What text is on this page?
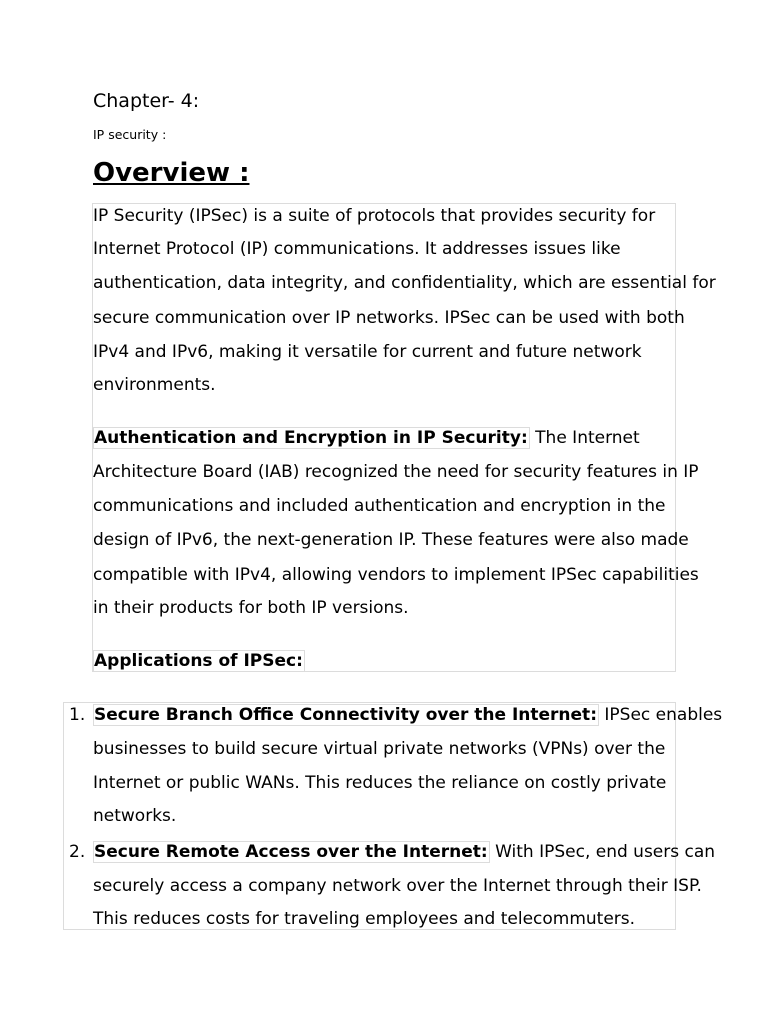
Chapter- 4:
IP security :
Overview :
IP Security (IPSec) is a suite of protocols that provides security for
Internet Protocol (IP) communications. It addresses issues like
authentication, data integrity, and confidentiality, which are essential for
secure communication over IP networks. IPSec can be used with both
IPv4 and IPv6, making it versatile for current and future network
environments.
Authentication and Encryption in IP Security: The Internet
Architecture Board (IAB) recognized the need for security features in IP
communications and included authentication and encryption in the
design of IPv6, the next-generation IP. These features were also made
compatible with IPv4, allowing vendors to implement IPSec capabilities
in their products for both IP versions.
Applications of IPSec:
1. Secure Branch Office Connectivity over the Internet: IPSec enables
businesses to build secure virtual private networks (VPNs) over the
Internet or public WANs. This reduces the reliance on costly private
networks.
2. Secure Remote Access over the Internet: With IPSec, end users can
securely access a company network over the Internet through their ISP.
This reduces costs for traveling employees and telecommuters.
